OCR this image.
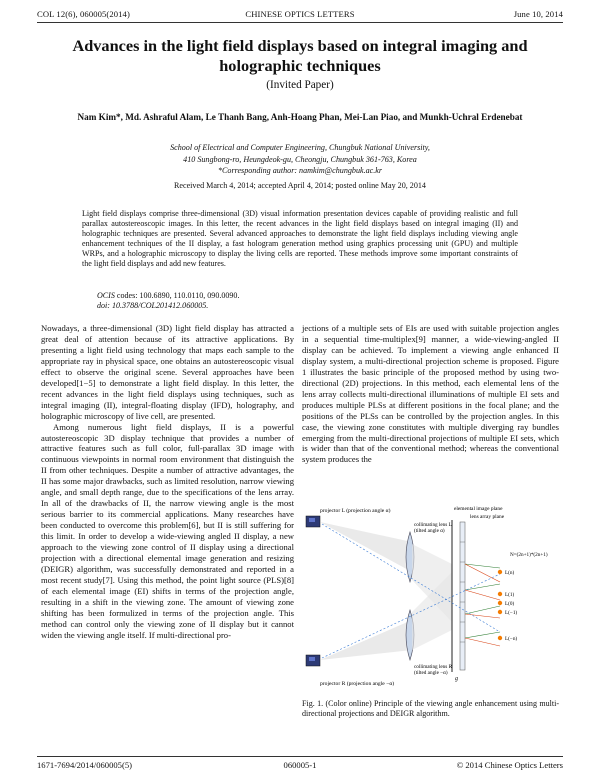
COL 12(6), 060005(2014)	CHINESE OPTICS LETTERS	June 10, 2014
Advances in the light field displays based on integral imaging and holographic techniques
(Invited Paper)
Nam Kim*, Md. Ashraful Alam, Le Thanh Bang, Anh-Hoang Phan, Mei-Lan Piao, and Munkh-Uchral Erdenebat
School of Electrical and Computer Engineering, Chungbuk National University,
410 Sungbong-ro, Heungdeok-gu, Cheongju, Chungbuk 361-763, Korea
*Corresponding author: namkim@chungbuk.ac.kr
Received March 4, 2014; accepted April 4, 2014; posted online May 20, 2014

Light field displays comprise three-dimensional (3D) visual information presentation devices capable of providing realistic and full parallax autostereoscopic images. In this letter, the recent advances in the light field displays based on integral imaging (II) and holographic techniques are presented. Several advanced approaches to demonstrate the light field displays including viewing angle enhancement techniques of the II display, a fast hologram generation method using graphics processing unit (GPU) and multiple WRPs, and a holographic microscopy to display the living cells are reported. These methods improve some important constraints of the light field displays and add new features.

OCIS codes: 100.6890, 110.0110, 090.0090.
doi: 10.3788/COL201412.060005.

Nowadays, a three-dimensional (3D) light field display has attracted a great deal of attention because of its attractive applications. By presenting a light field using technology that maps each sample to the appropriate ray in physical space, one obtains an autostereoscopic visual effect to observe the original scene. Several approaches have been developed[1−5] to demonstrate a light field display. In this letter, the recent advances in the light field displays using techniques, such as integral imaging (II), integral-floating display (IFD), holography, and holographic microscopy of live cell, are presented.

Among numerous light field displays, II is a powerful autostereoscopic 3D display technique that provides a number of attractive features such as full color, full-parallax 3D image with continuous viewpoints in normal room environment that distinguish the II from other techniques. Despite a number of attractive advantages, the II has some major drawbacks, such as limited resolution, narrow viewing angle, and small depth range, due to the specifications of the lens array. In all of the drawbacks of II, the narrow viewing angle is the most serious barrier to its commercial applications. Many researches have been conducted to overcome this problem[6], but II is still suffering for this limit. In order to develop a wide-viewing angled II display, a new approach to the viewing zone control of II display using a directional projection with a directional elemental image generation and resizing (DEIGR) algorithm, was successfully demonstrated and reported in a most recent study[7]. Using this method, the point light source (PLS)[8] of each elemental image (EI) shifts in terms of the projection angle, resulting in a shift in the viewing zone. The amount of viewing zone shifting has been formulized in terms of the projection angle. This method can control only the viewing zone of II display but it cannot widen the viewing angle itself. If multi-directional pro-

jections of a multiple sets of EIs are used with suitable projection angles in a sequential time-multiplex[9] manner, a wide-viewing-angled II display can be achieved. To implement a viewing angle enhanced II display system, a multi-directional projection scheme is proposed. Figure 1 illustrates the basic principle of the proposed method by using two-directional (2D) projections. In this method, each elemental lens of the lens array collects multi-directional illuminations of multiple EI sets and produces multiple PLSs at different positions in the focal plane; and the positions of the PLSs can be controlled by the projection angles. In this case, the viewing zone constitutes with multiple diverging ray bundles emerging from the multi-directional projections of multiple EI sets, which is wider than that of the conventional method; whereas the conventional system produces the

projector L (projection angle α)
projector R (projection angle −α)
collimating lens L
(tilted angle α)
collimating lens R
(tilted angle −α)
elemental image plane
lens array plane
N=(2n+1)*(2n+1)
L(n)
L(1)
L(0)
L(−1)
L(−n)
g
Fig. 1. (Color online) Principle of the viewing angle enhancement using multi-directional projections and DEIGR algorithm.
1671-7694/2014/060005(5)	060005-1	© 2014 Chinese Optics Letters
